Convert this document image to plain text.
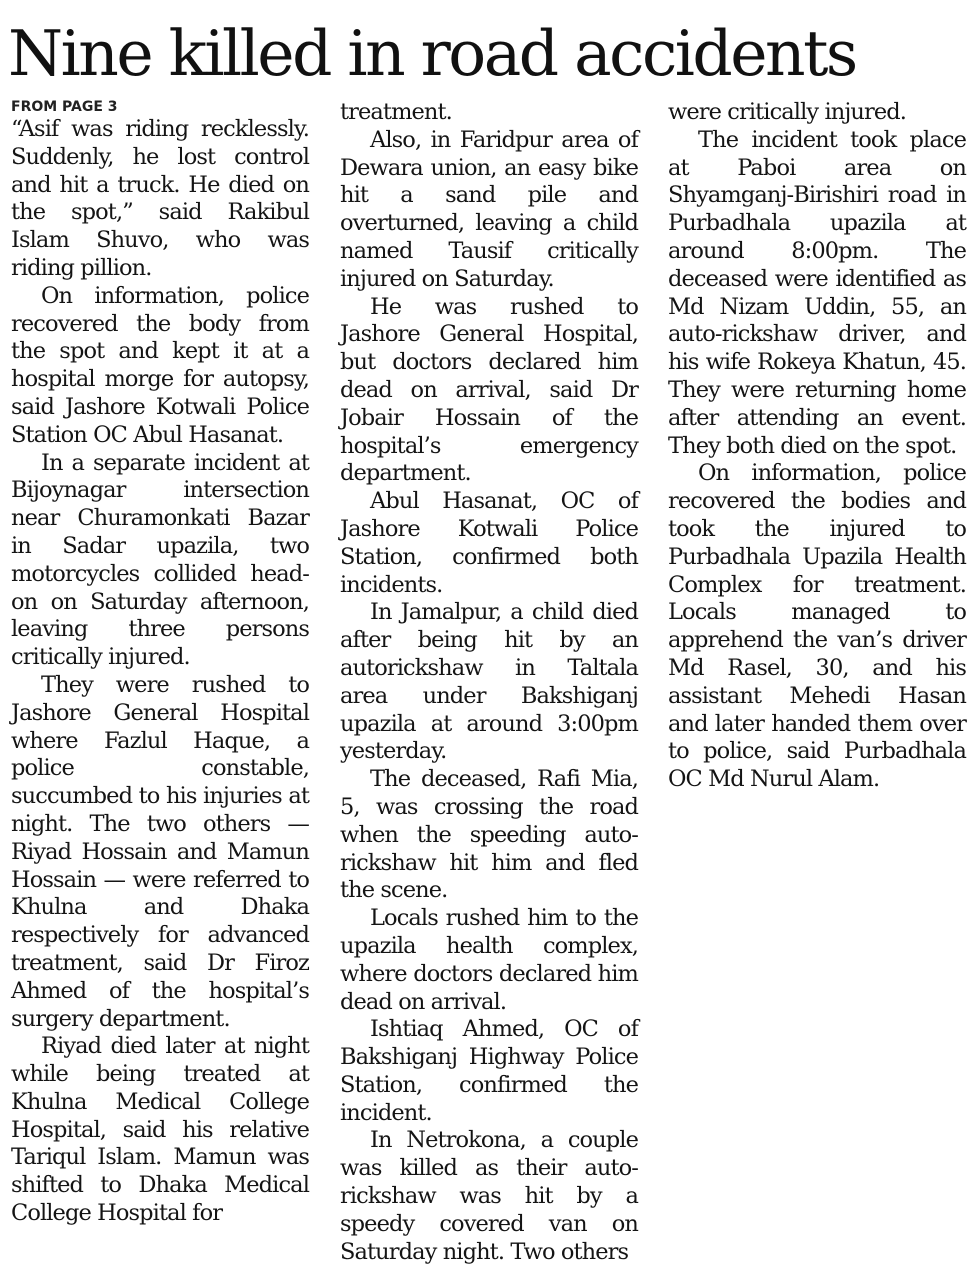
Nine killed in road accidents
FROM PAGE 3

“Asif was riding recklessly. Suddenly, he lost control and hit a truck. He died on the spot,” said Rakibul Islam Shuvo, who was riding pillion.

On information, police recovered the body from the spot and kept it at a hospital morge for autopsy, said Jashore Kotwali Police Station OC Abul Hasanat.

In a separate incident at Bijoynagar intersection near Churamonkati Bazar in Sadar upazila, two motorcycles collided head-on on Saturday afternoon, leaving three persons critically injured.

They were rushed to Jashore General Hospital where Fazlul Haque, a police constable, succumbed to his injuries at night. The two others — Riyad Hossain and Mamun Hossain — were referred to Khulna and Dhaka respectively for advanced treatment, said Dr Firoz Ahmed of the hospital’s surgery department.

Riyad died later at night while being treated at Khulna Medical College Hospital, said his relative Tariqul Islam. Mamun was shifted to Dhaka Medical College Hospital for

treatment.

Also, in Faridpur area of Dewara union, an easy bike hit a sand pile and overturned, leaving a child named Tausif critically injured on Saturday.

He was rushed to Jashore General Hospital, but doctors declared him dead on arrival, said Dr Jobair Hossain of the hospital’s emergency department.

Abul Hasanat, OC of Jashore Kotwali Police Station, confirmed both incidents.

In Jamalpur, a child died after being hit by an autorickshaw in Taltala area under Bakshiganj upazila at around 3:00pm yesterday.

The deceased, Rafi Mia, 5, was crossing the road when the speeding auto-rickshaw hit him and fled the scene.

Locals rushed him to the upazila health complex, where doctors declared him dead on arrival.

Ishtiaq Ahmed, OC of Bakshiganj Highway Police Station, confirmed the incident.

In Netrokona, a couple was killed as their auto-rickshaw was hit by a speedy covered van on Saturday night. Two others

were critically injured.

The incident took place at Paboi area on Shyamganj-Birishiri road in Purbadhala upazila at around 8:00pm. The deceased were identified as Md Nizam Uddin, 55, an auto-rickshaw driver, and his wife Rokeya Khatun, 45. They were returning home after attending an event. They both died on the spot.

On information, police recovered the bodies and took the injured to Purbadhala Upazila Health Complex for treatment. Locals managed to apprehend the van’s driver Md Rasel, 30, and his assistant Mehedi Hasan and later handed them over to police, said Purbadhala OC Md Nurul Alam.
